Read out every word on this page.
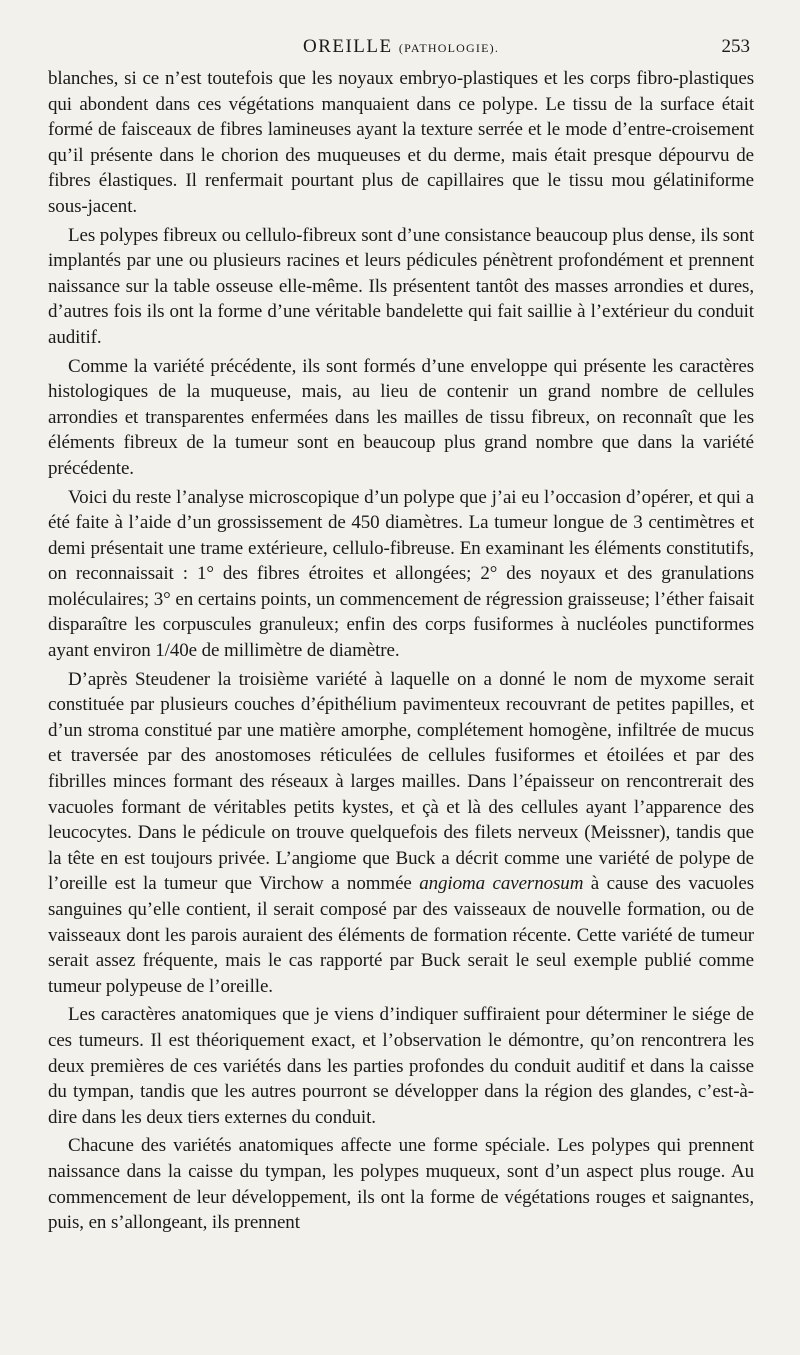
OREILLE (PATHOLOGIE).	253

blanches, si ce n’est toutefois que les noyaux embryo-plastiques et les corps fibro-plastiques qui abondent dans ces végétations manquaient dans ce polype. Le tissu de la surface était formé de faisceaux de fibres lamineuses ayant la texture serrée et le mode d’entre-croisement qu’il présente dans le chorion des muqueuses et du derme, mais était presque dépourvu de fibres élastiques. Il renfermait pourtant plus de capillaires que le tissu mou gélatiniforme sous-jacent.

Les polypes fibreux ou cellulo-fibreux sont d’une consistance beaucoup plus dense, ils sont implantés par une ou plusieurs racines et leurs pédicules pénètrent profondément et prennent naissance sur la table osseuse elle-même. Ils présentent tantôt des masses arrondies et dures, d’autres fois ils ont la forme d’une véritable bandelette qui fait saillie à l’extérieur du conduit auditif.

Comme la variété précédente, ils sont formés d’une enveloppe qui présente les caractères histologiques de la muqueuse, mais, au lieu de contenir un grand nombre de cellules arrondies et transparentes enfermées dans les mailles de tissu fibreux, on reconnaît que les éléments fibreux de la tumeur sont en beaucoup plus grand nombre que dans la variété précédente.

Voici du reste l’analyse microscopique d’un polype que j’ai eu l’occasion d’opérer, et qui a été faite à l’aide d’un grossissement de 450 diamètres. La tumeur longue de 3 centimètres et demi présentait une trame extérieure, cellulo-fibreuse. En examinant les éléments constitutifs, on reconnaissait : 1° des fibres étroites et allongées; 2° des noyaux et des granulations moléculaires; 3° en certains points, un commencement de régression graisseuse; l’éther faisait disparaître les corpuscules granuleux; enfin des corps fusiformes à nucléoles punctiformes ayant environ 1/40e de millimètre de diamètre.

D’après Steudener la troisième variété à laquelle on a donné le nom de myxome serait constituée par plusieurs couches d’épithélium pavimenteux recouvrant de petites papilles, et d’un stroma constitué par une matière amorphe, complétement homogène, infiltrée de mucus et traversée par des anostomoses réticulées de cellules fusiformes et étoilées et par des fibrilles minces formant des réseaux à larges mailles. Dans l’épaisseur on rencontrerait des vacuoles formant de véritables petits kystes, et çà et là des cellules ayant l’apparence des leucocytes. Dans le pédicule on trouve quelquefois des filets nerveux (Meissner), tandis que la tête en est toujours privée. L’angiome que Buck a décrit comme une variété de polype de l’oreille est la tumeur que Virchow a nommée angioma cavernosum à cause des vacuoles sanguines qu’elle contient, il serait composé par des vaisseaux de nouvelle formation, ou de vaisseaux dont les parois auraient des éléments de formation récente. Cette variété de tumeur serait assez fréquente, mais le cas rapporté par Buck serait le seul exemple publié comme tumeur polypeuse de l’oreille.

Les caractères anatomiques que je viens d’indiquer suffiraient pour déterminer le siége de ces tumeurs. Il est théoriquement exact, et l’observation le démontre, qu’on rencontrera les deux premières de ces variétés dans les parties profondes du conduit auditif et dans la caisse du tympan, tandis que les autres pourront se développer dans la région des glandes, c’est-à-dire dans les deux tiers externes du conduit.

Chacune des variétés anatomiques affecte une forme spéciale. Les polypes qui prennent naissance dans la caisse du tympan, les polypes muqueux, sont d’un aspect plus rouge. Au commencement de leur développement, ils ont la forme de végétations rouges et saignantes, puis, en s’allongeant, ils prennent
